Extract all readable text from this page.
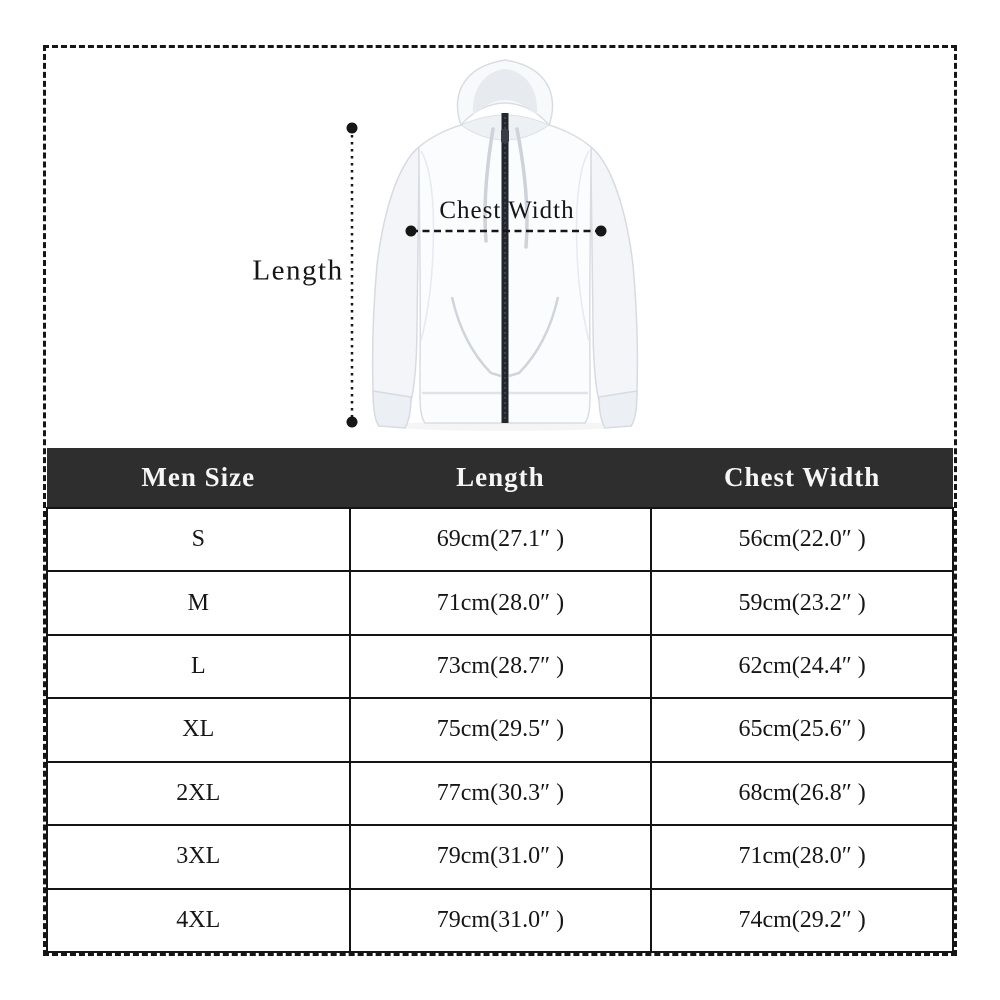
Length
Chest Width
Men Size	Length	Chest Width
S	69cm(27.1″ )	56cm(22.0″ )
M	71cm(28.0″ )	59cm(23.2″ )
L	73cm(28.7″ )	62cm(24.4″ )
XL	75cm(29.5″ )	65cm(25.6″ )
2XL	77cm(30.3″ )	68cm(26.8″ )
3XL	79cm(31.0″ )	71cm(28.0″ )
4XL	79cm(31.0″ )	74cm(29.2″ )
